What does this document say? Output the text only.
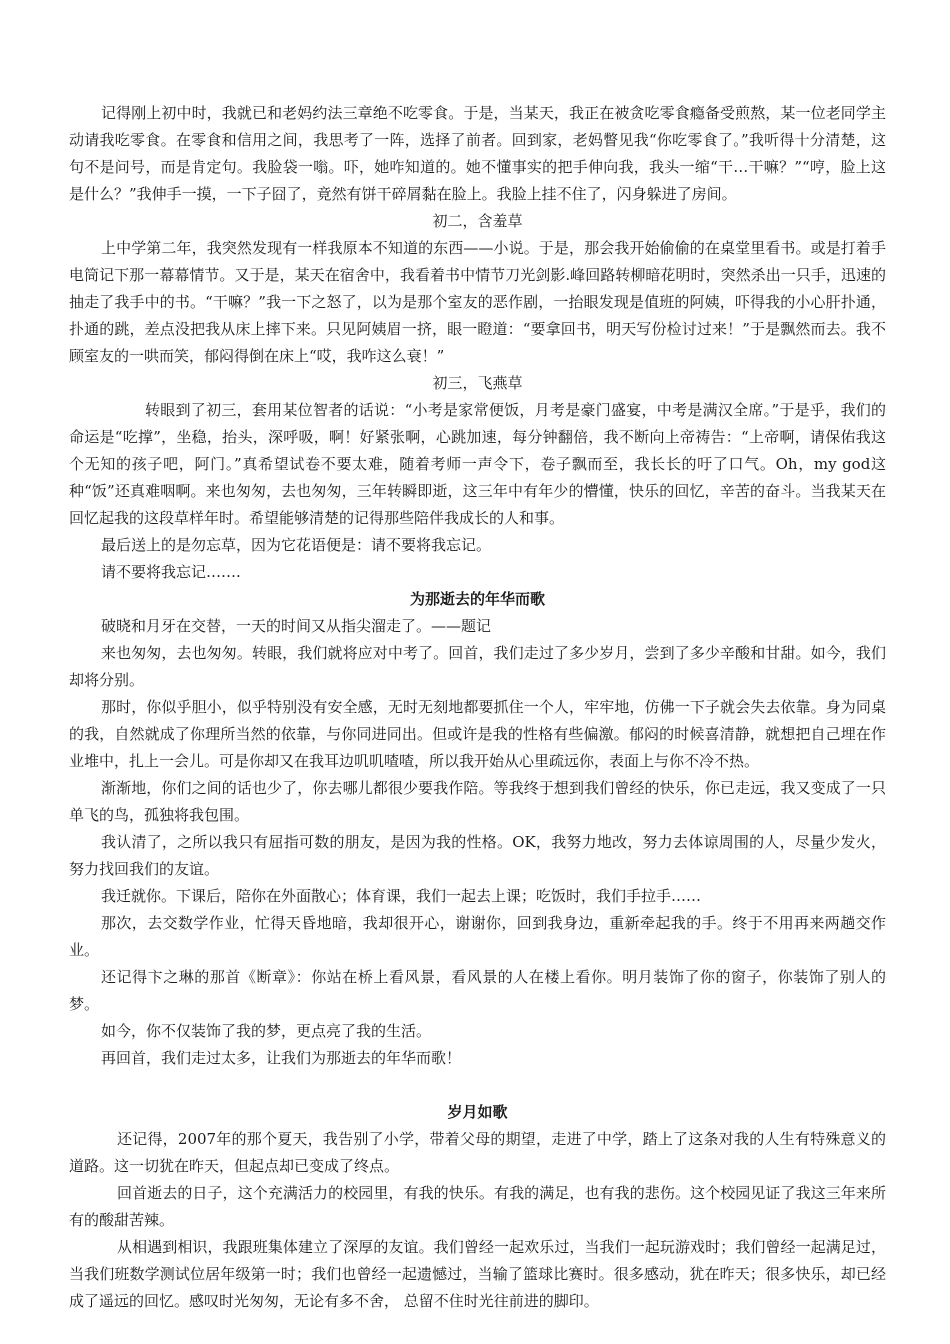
记得刚上初中时，我就已和老妈约法三章绝不吃零食。于是，当某天，我正在被贪吃零食瘾备受煎熬，某一位老同学主动请我吃零食。在零食和信用之间，我思考了一阵，选择了前者。回到家，老妈瞥见我“你吃零食了。”我听得十分清楚，这句不是问号，而是肯定句。我脸袋一嗡。吓，她咋知道的。她不懂事实的把手伸向我，我头一缩“干…干嘛？”“哼，脸上这是什么？”我伸手一摸，一下子囧了，竟然有饼干碎屑黏在脸上。我脸上挂不住了，闪身躲进了房间。

初二，含羞草

上中学第二年，我突然发现有一样我原本不知道的东西——小说。于是，那会我开始偷偷的在桌堂里看书。或是打着手电筒记下那一幕幕情节。又于是，某天在宿舍中，我看着书中情节刀光剑影.峰回路转柳暗花明时，突然杀出一只手，迅速的抽走了我手中的书。“干嘛？”我一下之怒了，以为是那个室友的恶作剧，一抬眼发现是值班的阿姨，吓得我的小心肝扑通，扑通的跳，差点没把我从床上摔下来。只见阿姨眉一挤，眼一瞪道：“要拿回书，明天写份检讨过来！”于是飘然而去。我不顾室友的一哄而笑，郁闷得倒在床上“哎，我咋这么衰！”

初三，飞燕草

转眼到了初三，套用某位智者的话说：“小考是家常便饭，月考是豪门盛宴，中考是满汉全席。”于是乎，我们的命运是“吃撑”，坐稳，抬头，深呼吸，啊！好紧张啊，心跳加速，每分钟翻倍，我不断向上帝祷告：“上帝啊，请保佑我这个无知的孩子吧，阿门。”真希望试卷不要太难，随着考师一声令下，卷子飘而至，我长长的吁了口气。Oh，my god这种“饭”还真难咽啊。来也匆匆，去也匆匆，三年转瞬即逝，这三年中有年少的懵懂，快乐的回忆，辛苦的奋斗。当我某天在回忆起我的这段草样年时。希望能够清楚的记得那些陪伴我成长的人和事。

最后送上的是勿忘草，因为它花语便是：请不要将我忘记。

请不要将我忘记…….

为那逝去的年华而歌

破晓和月牙在交替，一天的时间又从指尖溜走了。——题记

来也匆匆，去也匆匆。转眼，我们就将应对中考了。回首，我们走过了多少岁月，尝到了多少辛酸和甘甜。如今，我们却将分别。

那时，你似乎胆小，似乎特别没有安全感，无时无刻地都要抓住一个人，牢牢地，仿佛一下子就会失去依靠。身为同桌的我，自然就成了你理所当然的依靠，与你同进同出。但或许是我的性格有些偏激。郁闷的时候喜清静，就想把自己埋在作业堆中，扎上一会儿。可是你却又在我耳边叽叽喳喳，所以我开始从心里疏远你，表面上与你不冷不热。

渐渐地，你们之间的话也少了，你去哪儿都很少要我作陪。等我终于想到我们曾经的快乐，你已走远，我又变成了一只单飞的鸟，孤独将我包围。

我认清了，之所以我只有屈指可数的朋友，是因为我的性格。OK，我努力地改，努力去体谅周围的人，尽量少发火，努力找回我们的友谊。

我迁就你。下课后，陪你在外面散心；体育课，我们一起去上课；吃饭时，我们手拉手……

那次，去交数学作业，忙得天昏地暗，我却很开心，谢谢你，回到我身边，重新牵起我的手。终于不用再来两趟交作业。

还记得卞之琳的那首《断章》：你站在桥上看风景，看风景的人在楼上看你。明月装饰了你的窗子，你装饰了别人的梦。

如今，你不仅装饰了我的梦，更点亮了我的生活。

再回首，我们走过太多，让我们为那逝去的年华而歌！

岁月如歌

还记得，2007年的那个夏天，我告别了小学，带着父母的期望，走进了中学，踏上了这条对我的人生有特殊意义的道路。这一切犹在昨天，但起点却已变成了终点。

回首逝去的日子，这个充满活力的校园里，有我的快乐。有我的满足，也有我的悲伤。这个校园见证了我这三年来所有的酸甜苦辣。

从相遇到相识，我跟班集体建立了深厚的友谊。我们曾经一起欢乐过，当我们一起玩游戏时；我们曾经一起满足过，当我们班数学测试位居年级第一时；我们也曾经一起遗憾过，当输了篮球比赛时。很多感动，犹在昨天；很多快乐，却已经成了遥远的回忆。感叹时光匆匆，无论有多不舍， 总留不住时光往前进的脚印。
